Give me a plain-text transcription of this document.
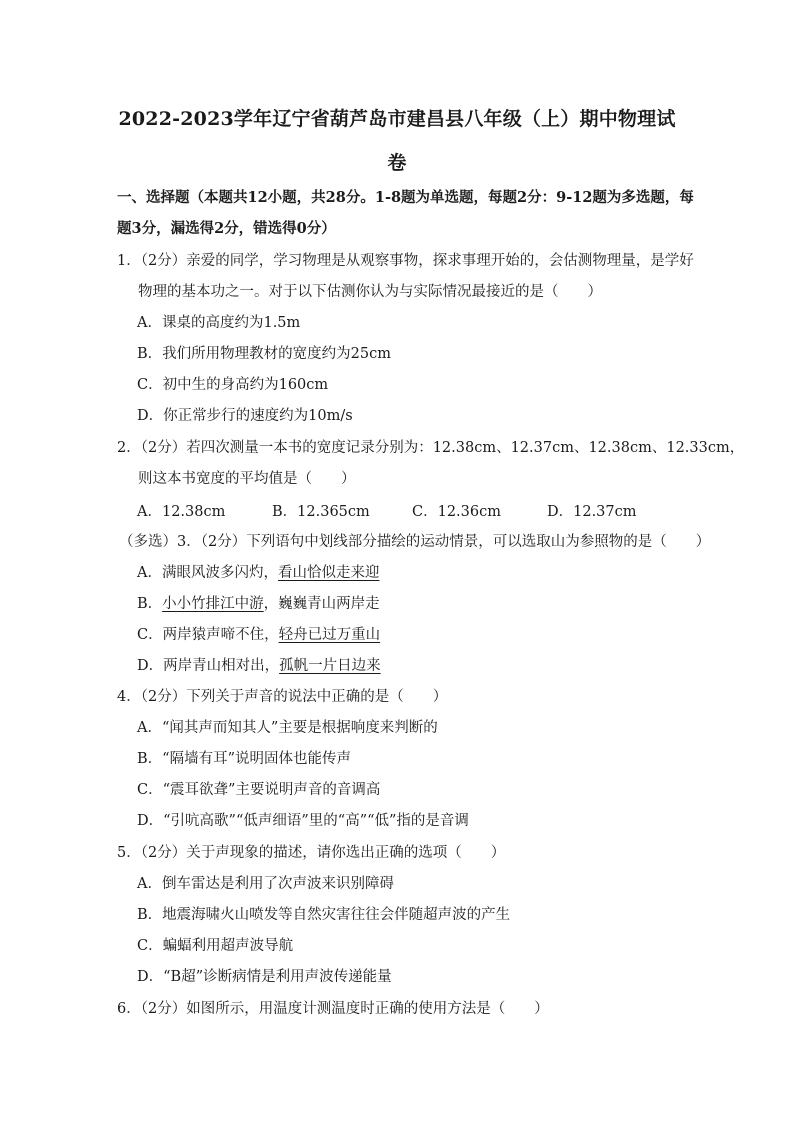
2022-2023学年辽宁省葫芦岛市建昌县八年级（上）期中物理试
卷
一、选择题（本题共12小题，共28分。1-8题为单选题，每题2分：9-12题为多选题，每
题3分，漏选得2分，错选得0分）
1．（2分）亲爱的同学，学习物理是从观察事物，探求事理开始的，会估测物理量，是学好
物理的基本功之一。对于以下估测你认为与实际情况最接近的是（　　）
A．课桌的高度约为1.5m
B．我们所用物理教材的宽度约为25cm
C．初中生的身高约为160cm
D．你正常步行的速度约为10m/s
2．（2分）若四次测量一本书的宽度记录分别为：12.38cm、12.37cm、12.38cm、12.33cm，
则这本书宽度的平均值是（　　）
A．12.38cm	B．12.365cm	C．12.36cm	D．12.37cm
（多选）3．（2分）下列语句中划线部分描绘的运动情景，可以选取山为参照物的是（　　）
A．满眼风波多闪灼，看山恰似走来迎
B．小小竹排江中游，巍巍青山两岸走
C．两岸猿声啼不住，轻舟已过万重山
D．两岸青山相对出，孤帆一片日边来
4．（2分）下列关于声音的说法中正确的是（　　）
A．“闻其声而知其人”主要是根据响度来判断的
B．“隔墙有耳”说明固体也能传声
C．“震耳欲聋”主要说明声音的音调高
D．“引吭高歌”“低声细语”里的“高”“低”指的是音调
5．（2分）关于声现象的描述，请你选出正确的选项（　　）
A．倒车雷达是利用了次声波来识别障碍
B．地震海啸火山喷发等自然灾害往往会伴随超声波的产生
C．蝙蝠利用超声波导航
D．“B超”诊断病情是利用声波传递能量
6．（2分）如图所示，用温度计测温度时正确的使用方法是（　　）
